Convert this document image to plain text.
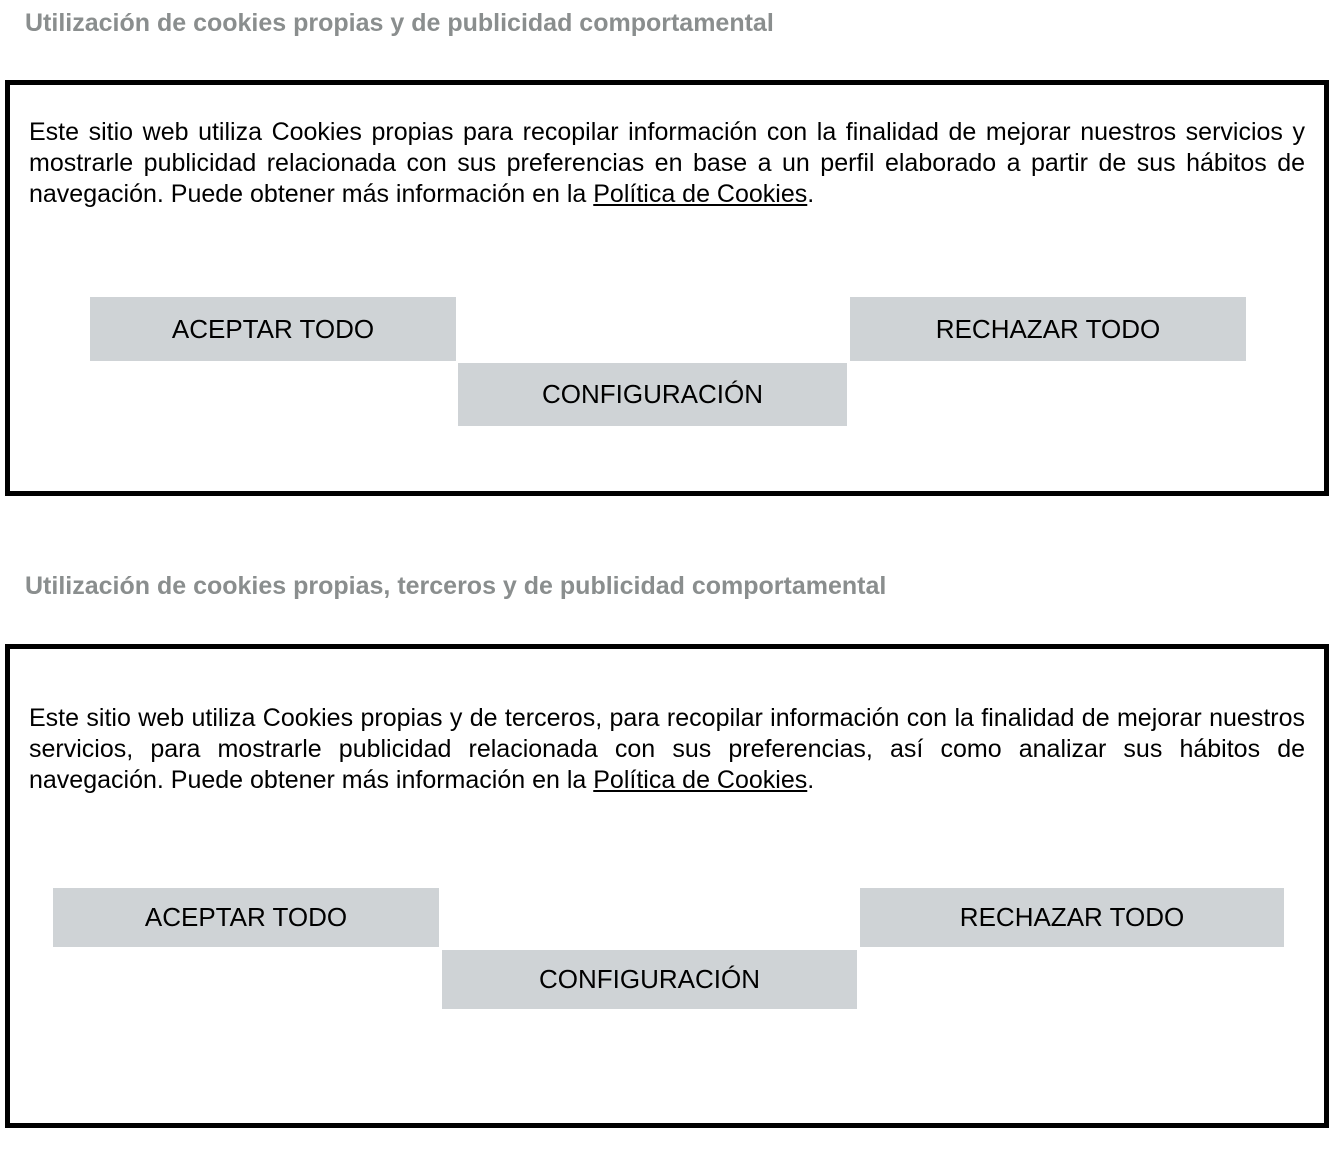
Utilización de cookies propias y de publicidad comportamental

Este sitio web utiliza Cookies propias para recopilar información con la finalidad de mejorar nuestros servicios y mostrarle publicidad relacionada con sus preferencias en base a un perfil elaborado a partir de sus hábitos de navegación. Puede obtener más información en la Política de Cookies.

ACEPTAR TODO	RECHAZAR TODO
CONFIGURACIÓN
Utilización de cookies propias, terceros y de publicidad comportamental

Este sitio web utiliza Cookies propias y de terceros, para recopilar información con la finalidad de mejorar nuestros servicios, para mostrarle publicidad relacionada con sus preferencias, así como analizar sus hábitos de navegación. Puede obtener más información en la Política de Cookies.

ACEPTAR TODO	RECHAZAR TODO
CONFIGURACIÓN
